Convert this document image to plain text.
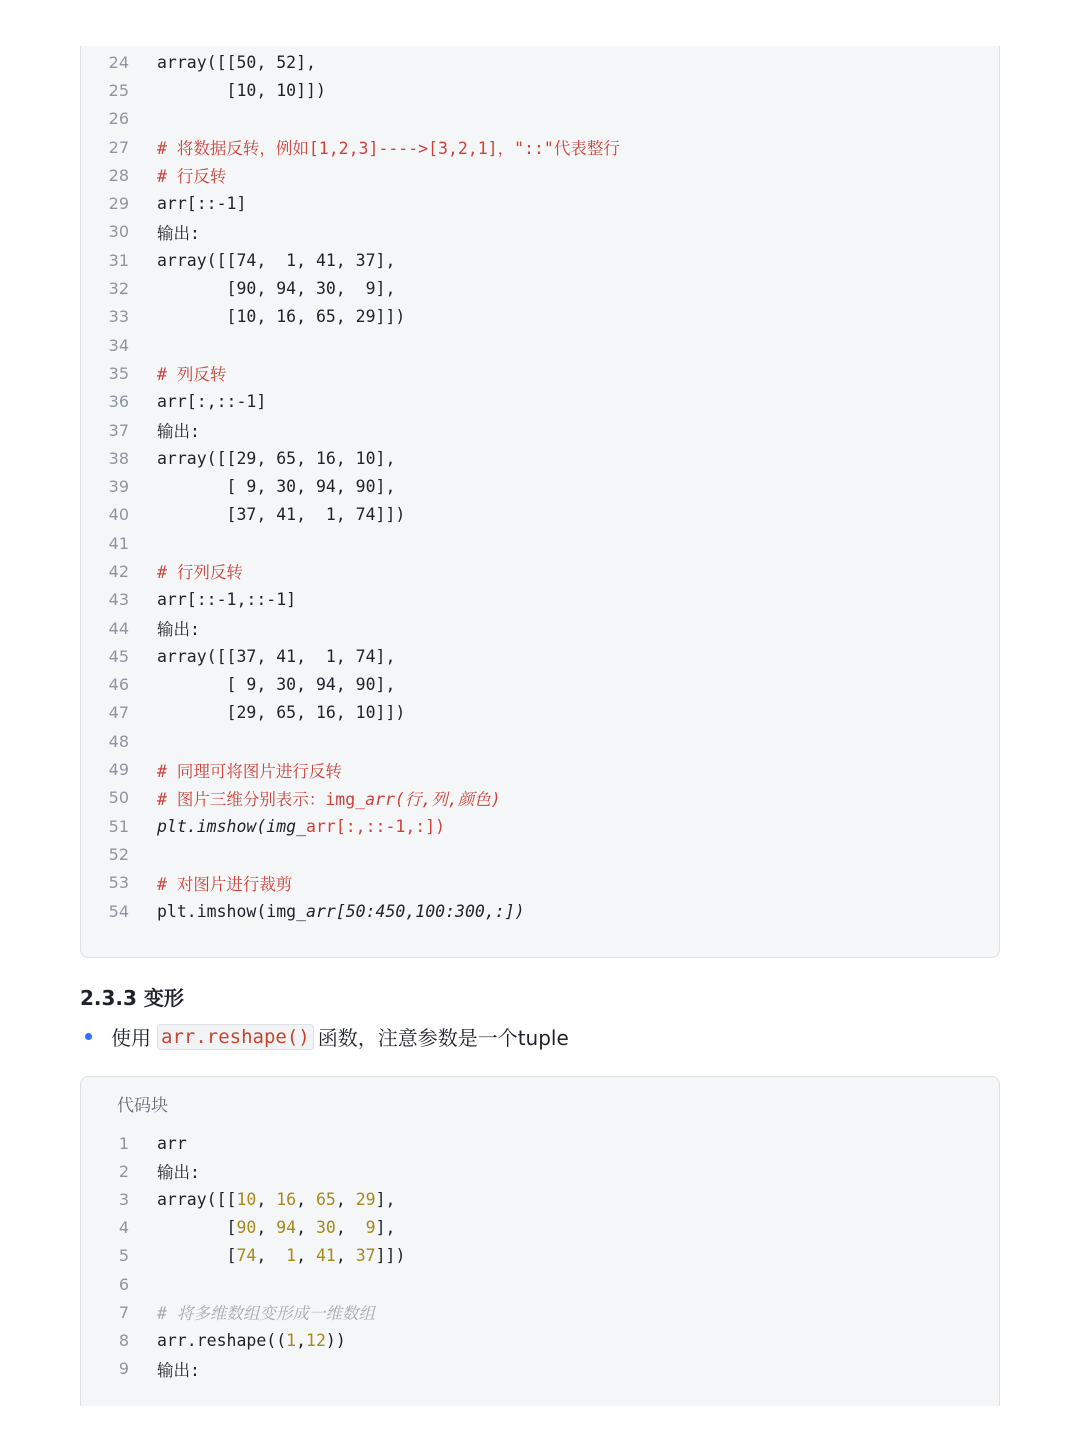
24 array([[50, 52],
25 [10, 10]])
26
27 # 将数据反转，例如[1,2,3]---->[3,2,1]，"::"代表整行
28 # 行反转
29 arr[::-1]
30 输出:
31 array([[74,  1, 41, 37],
32 [90, 94, 30,  9],
33 [10, 16, 65, 29]])
34
35 # 列反转
36 arr[:,::-1]
37 输出:
38 array([[29, 65, 16, 10],
39 [ 9, 30, 94, 90],
40 [37, 41,  1, 74]])
41
42 # 行列反转
43 arr[::-1,::-1]
44 输出:
45 array([[37, 41,  1, 74],
46 [ 9, 30, 94, 90],
47 [29, 65, 16, 10]])
48
49 # 同理可将图片进行反转
50 # 图片三维分别表示：img_arr(行,列,颜色)
51 plt.imshow(img_arr[:,::-1,:])
52
53 # 对图片进行裁剪
54 plt.imshow(img_arr[50:450,100:300,:])
2.3.3 变形
使用 arr.reshape() 函数，注意参数是一个tuple
代码块
1 arr
2 输出:
3 array([[10, 16, 65, 29],
4 [90, 94, 30,  9],
5 [74,  1, 41, 37]])
6
7 # 将多维数组变形成一维数组
8 arr.reshape((1,12))
9 输出:
